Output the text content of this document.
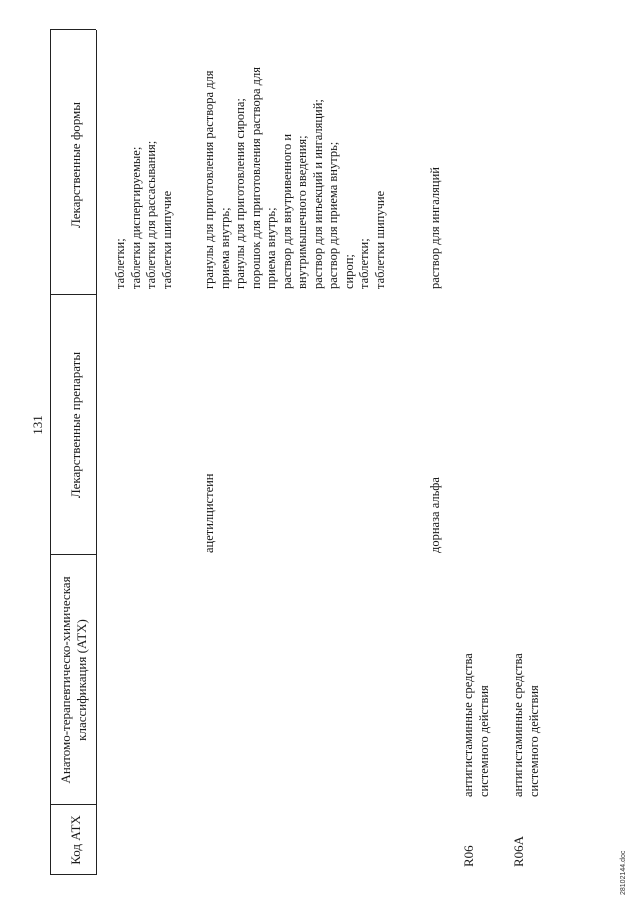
131
Код АТХ
Анатомо-терапевтическо-химическая классификация (АТХ)
Лекарственные препараты
Лекарственные формы
таблетки; таблетки диспергируемые; таблетки для рассасывания; таблетки шипучие
ацетилцистеин
гранулы для приготовления раствора для приема внутрь; гранулы для приготовления сиропа; порошок для приготовления раствора для приема внутрь; раствор для внутривенного и внутримышечного введения; раствор для инъекций и ингаляций; раствор для приема внутрь; сироп; таблетки; таблетки шипучие
дорназа альфа
раствор для ингаляций
R06
антигистаминные средства системного действия
R06A
антигистаминные средства системного действия
28102144.doc
